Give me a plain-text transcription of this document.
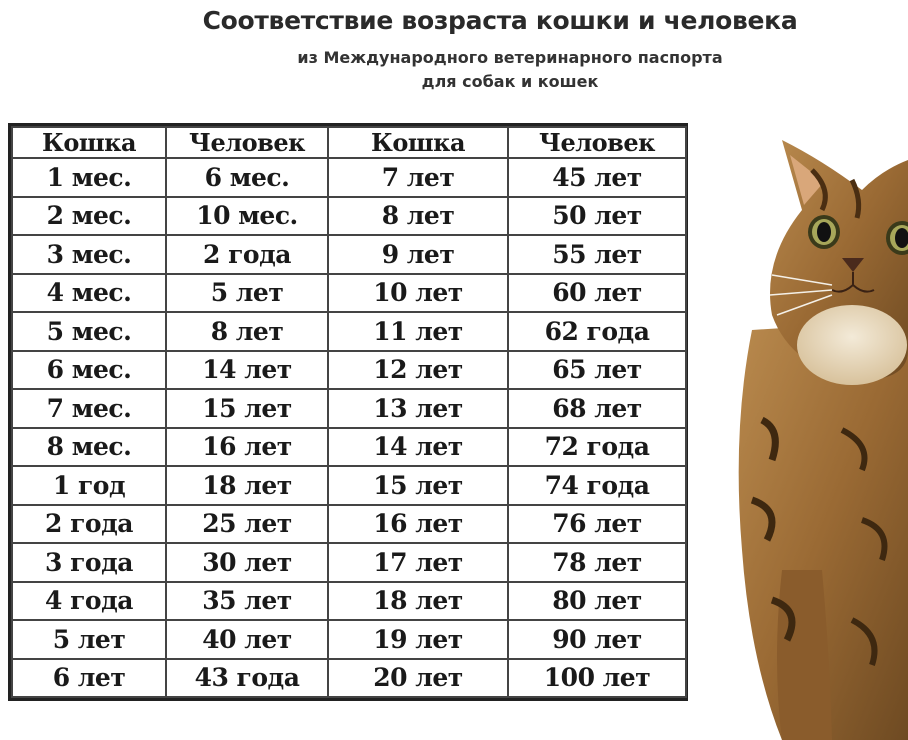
Соответствие возраста кошки и человека
из Международного ветеринарного паспорта
для собак и кошек
Кошка	Человек	Кошка	Человек
1 мес.	6 мес.	7 лет	45 лет
2 мес.	10 мес.	8 лет	50 лет
3 мес.	2 года	9 лет	55 лет
4 мес.	5 лет	10 лет	60 лет
5 мес.	8 лет	11 лет	62 года
6 мес.	14 лет	12 лет	65 лет
7 мес.	15 лет	13 лет	68 лет
8 мес.	16 лет	14 лет	72 года
1 год	18 лет	15 лет	74 года
2 года	25 лет	16 лет	76 лет
3 года	30 лет	17 лет	78 лет
4 года	35 лет	18 лет	80 лет
5 лет	40 лет	19 лет	90 лет
6 лет	43 года	20 лет	100 лет
